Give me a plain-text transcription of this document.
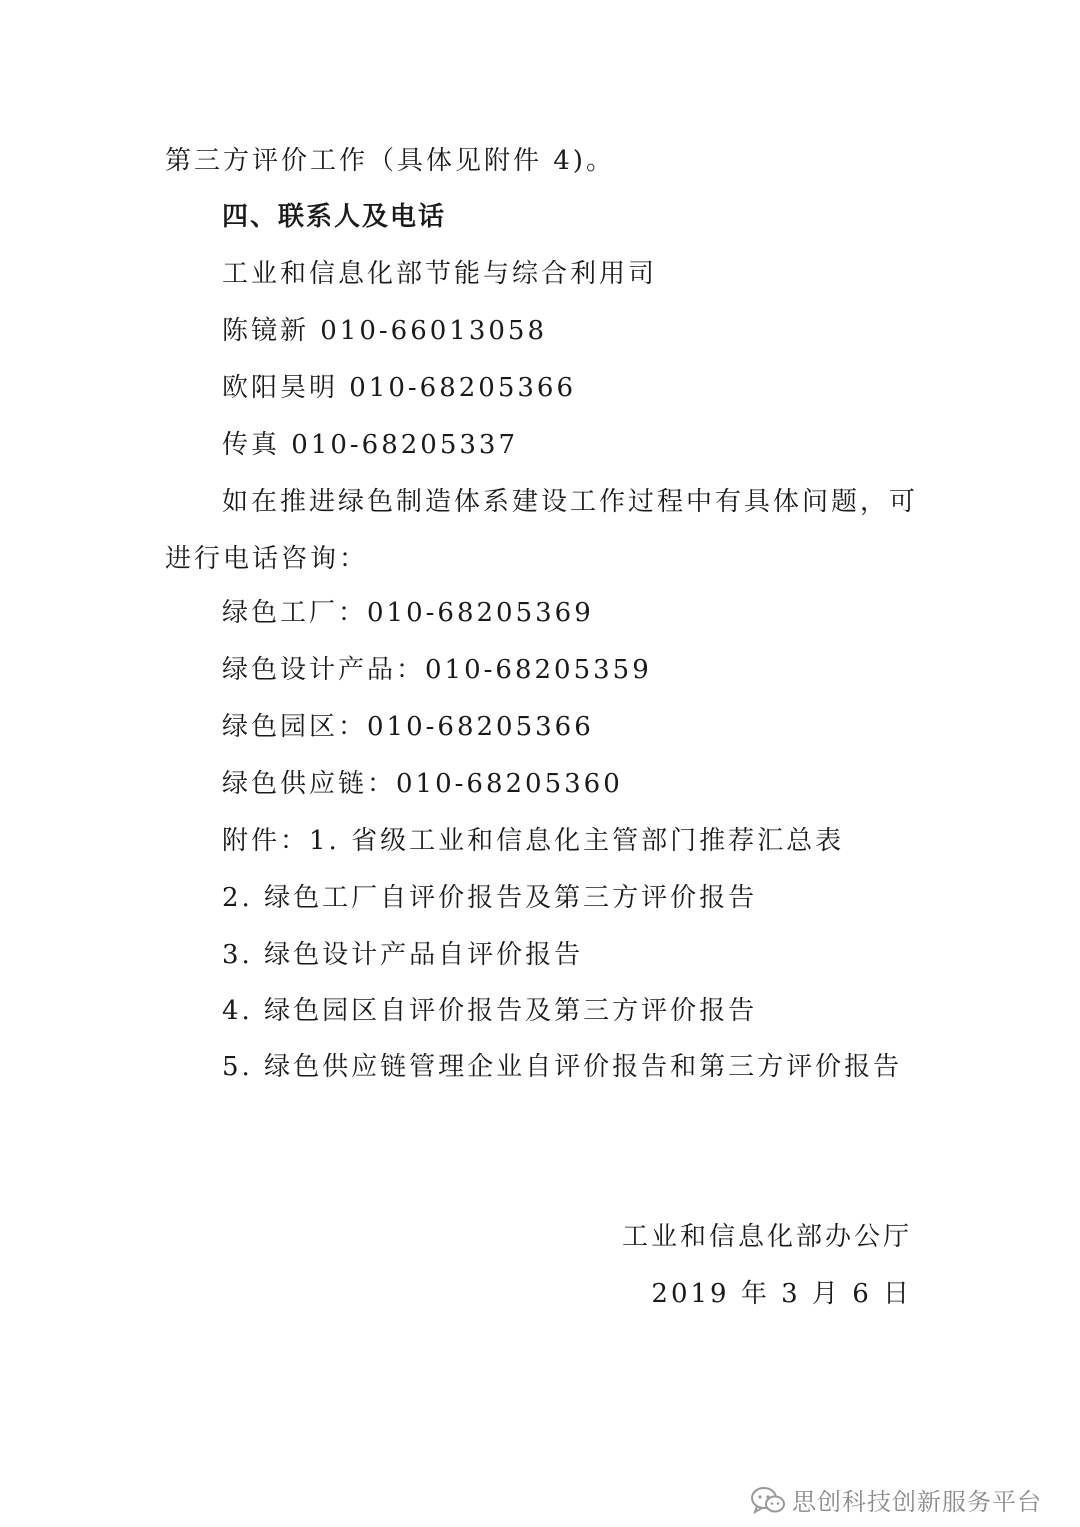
第三方评价工作（具体见附件 4)。
四、联系人及电话
工业和信息化部节能与综合利用司
陈镜新 010-66013058
欧阳昊明 010-68205366
传真 010-68205337
如在推进绿色制造体系建设工作过程中有具体问题，可
进行电话咨询：
绿色工厂：010-68205369
绿色设计产品：010-68205359
绿色园区：010-68205366
绿色供应链：010-68205360
附件：1. 省级工业和信息化主管部门推荐汇总表
2. 绿色工厂自评价报告及第三方评价报告
3. 绿色设计产品自评价报告
4. 绿色园区自评价报告及第三方评价报告
5. 绿色供应链管理企业自评价报告和第三方评价报告
工业和信息化部办公厅
2019 年 3 月 6 日
思创科技创新服务平台
